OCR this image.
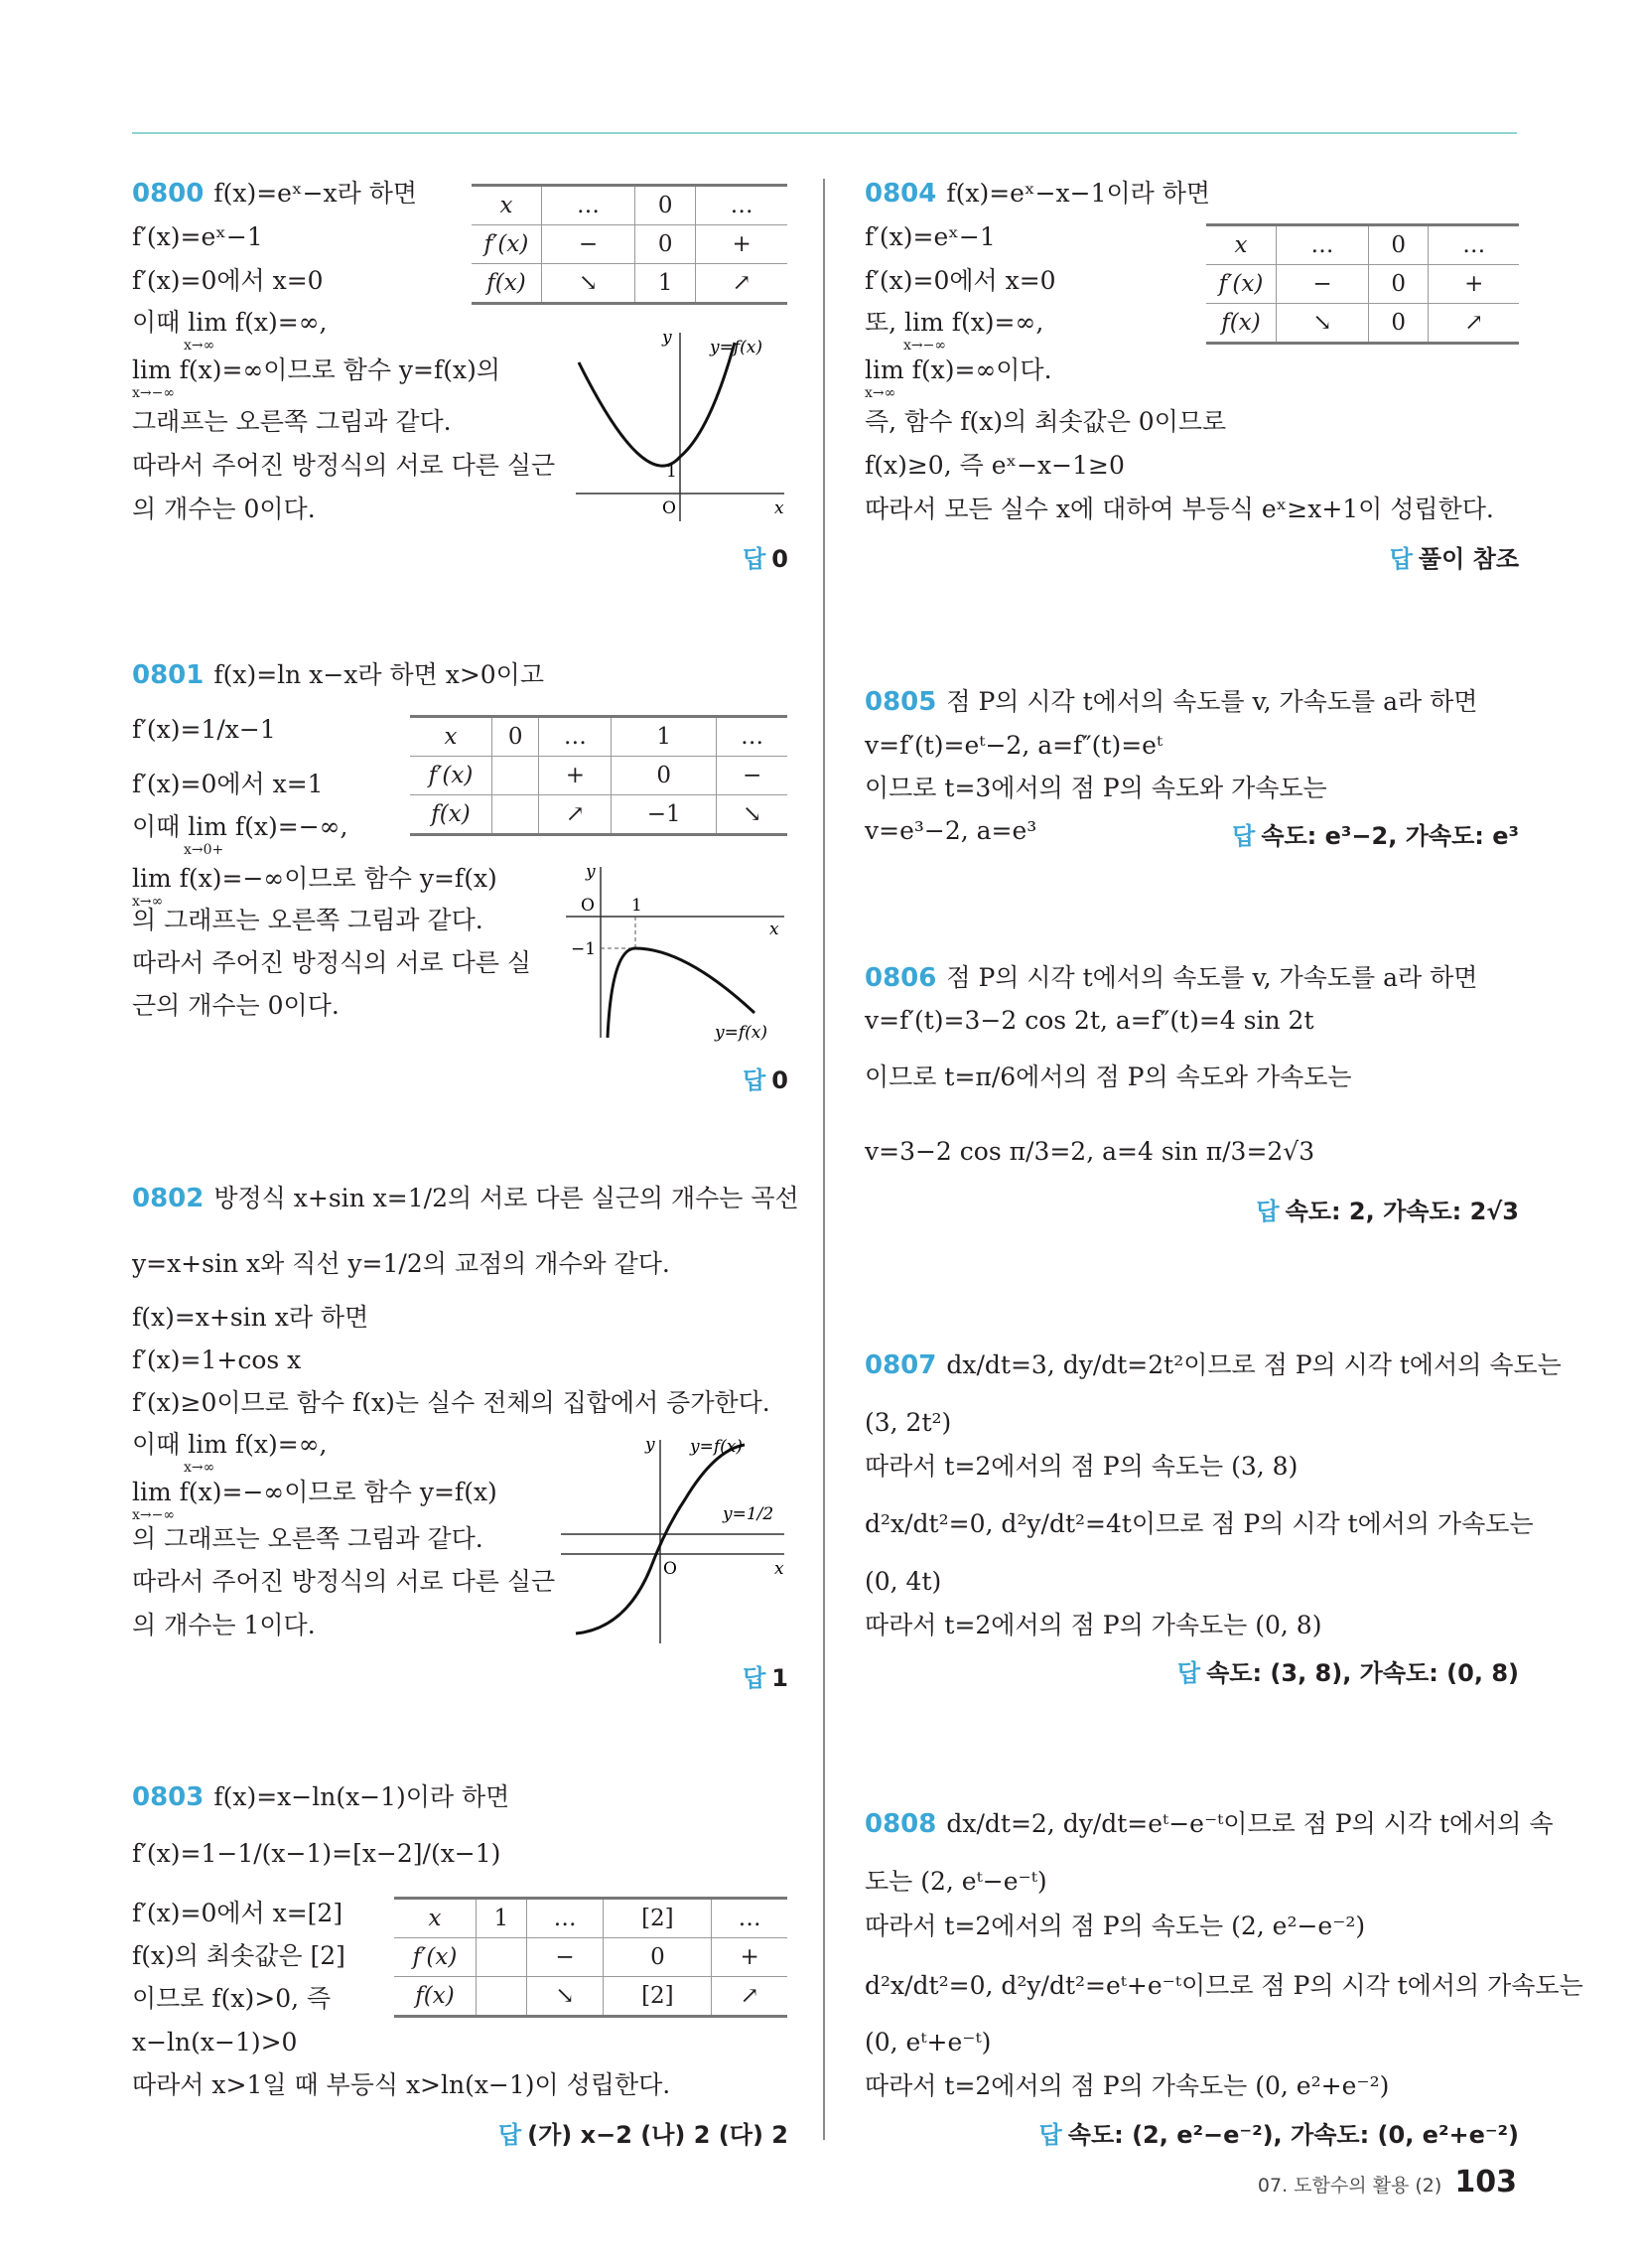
0800 f(x)=eˣ−x라 하면
f′(x)=eˣ−1
f′(x)=0에서 x=0
이때 lim f(x)=∞,
x→∞
lim f(x)=∞이므로 함수 y=f(x)의
x→−∞
그래프는 오른쪽 그림과 같다.
따라서 주어진 방정식의 서로 다른 실근
의 개수는 0이다.
x	…	0	…
f′(x)	−	0	+
f(x)	↘	1	↗
y
x
O
1
y=f(x)
답 0
0801 f(x)=ln x−x라 하면 x>0이고
f′(x)=1/x−1
f′(x)=0에서 x=1
이때 lim f(x)=−∞,
x→0+
lim f(x)=−∞이므로 함수 y=f(x)
x→∞
의 그래프는 오른쪽 그림과 같다.
따라서 주어진 방정식의 서로 다른 실
근의 개수는 0이다.
x	0	…	1	…
f′(x)		+	0	−
f(x)		↗	−1	↘
y
x
O 1
−1
y=f(x)
답 0
0802 방정식 x+sin x=1/2의 서로 다른 실근의 개수는 곡선
y=x+sin x와 직선 y=1/2의 교점의 개수와 같다.
f(x)=x+sin x라 하면
f′(x)=1+cos x
f′(x)≥0이므로 함수 f(x)는 실수 전체의 집합에서 증가한다.
이때 lim f(x)=∞,
x→∞
lim f(x)=−∞이므로 함수 y=f(x)
x→−∞
의 그래프는 오른쪽 그림과 같다.
따라서 주어진 방정식의 서로 다른 실근
의 개수는 1이다.
y
x
O
y=f(x)
y=1/2
답 1
0803 f(x)=x−ln(x−1)이라 하면
f′(x)=1−1/(x−1)=[x−2]/(x−1)
f′(x)=0에서 x=[2]
f(x)의 최솟값은 [2]
이므로 f(x)>0, 즉
x−ln(x−1)>0
따라서 x>1일 때 부등식 x>ln(x−1)이 성립한다.
x	1	…	[2]	…
f′(x)		−	0	+
f(x)		↘	[2]	↗
답 (가) x−2 (나) 2 (다) 2
0804 f(x)=eˣ−x−1이라 하면
f′(x)=eˣ−1
f′(x)=0에서 x=0
또, lim f(x)=∞,
x→−∞
lim f(x)=∞이다.
x→∞
즉, 함수 f(x)의 최솟값은 0이므로
f(x)≥0, 즉 eˣ−x−1≥0
따라서 모든 실수 x에 대하여 부등식 eˣ≥x+1이 성립한다.
x	…	0	…
f′(x)	−	0	+
f(x)	↘	0	↗
답 풀이 참조
0805 점 P의 시각 t에서의 속도를 v, 가속도를 a라 하면
v=f′(t)=eᵗ−2, a=f″(t)=eᵗ
이므로 t=3에서의 점 P의 속도와 가속도는
v=e³−2, a=e³	답 속도: e³−2, 가속도: e³
0806 점 P의 시각 t에서의 속도를 v, 가속도를 a라 하면
v=f′(t)=3−2 cos 2t, a=f″(t)=4 sin 2t
이므로 t=π/6에서의 점 P의 속도와 가속도는
v=3−2 cos π/3=2, a=4 sin π/3=2√3
답 속도: 2, 가속도: 2√3
0807 dx/dt=3, dy/dt=2t²이므로 점 P의 시각 t에서의 속도는
(3, 2t²)
따라서 t=2에서의 점 P의 속도는 (3, 8)
d²x/dt²=0, d²y/dt²=4t이므로 점 P의 시각 t에서의 가속도는
(0, 4t)
따라서 t=2에서의 점 P의 가속도는 (0, 8)
답 속도: (3, 8), 가속도: (0, 8)
0808 dx/dt=2, dy/dt=eᵗ−e⁻ᵗ이므로 점 P의 시각 t에서의 속
도는 (2, eᵗ−e⁻ᵗ)
따라서 t=2에서의 점 P의 속도는 (2, e²−e⁻²)
d²x/dt²=0, d²y/dt²=eᵗ+e⁻ᵗ이므로 점 P의 시각 t에서의 가속도는
(0, eᵗ+e⁻ᵗ)
따라서 t=2에서의 점 P의 가속도는 (0, e²+e⁻²)
답 속도: (2, e²−e⁻²), 가속도: (0, e²+e⁻²)
07. 도함수의 활용 (2) 103
